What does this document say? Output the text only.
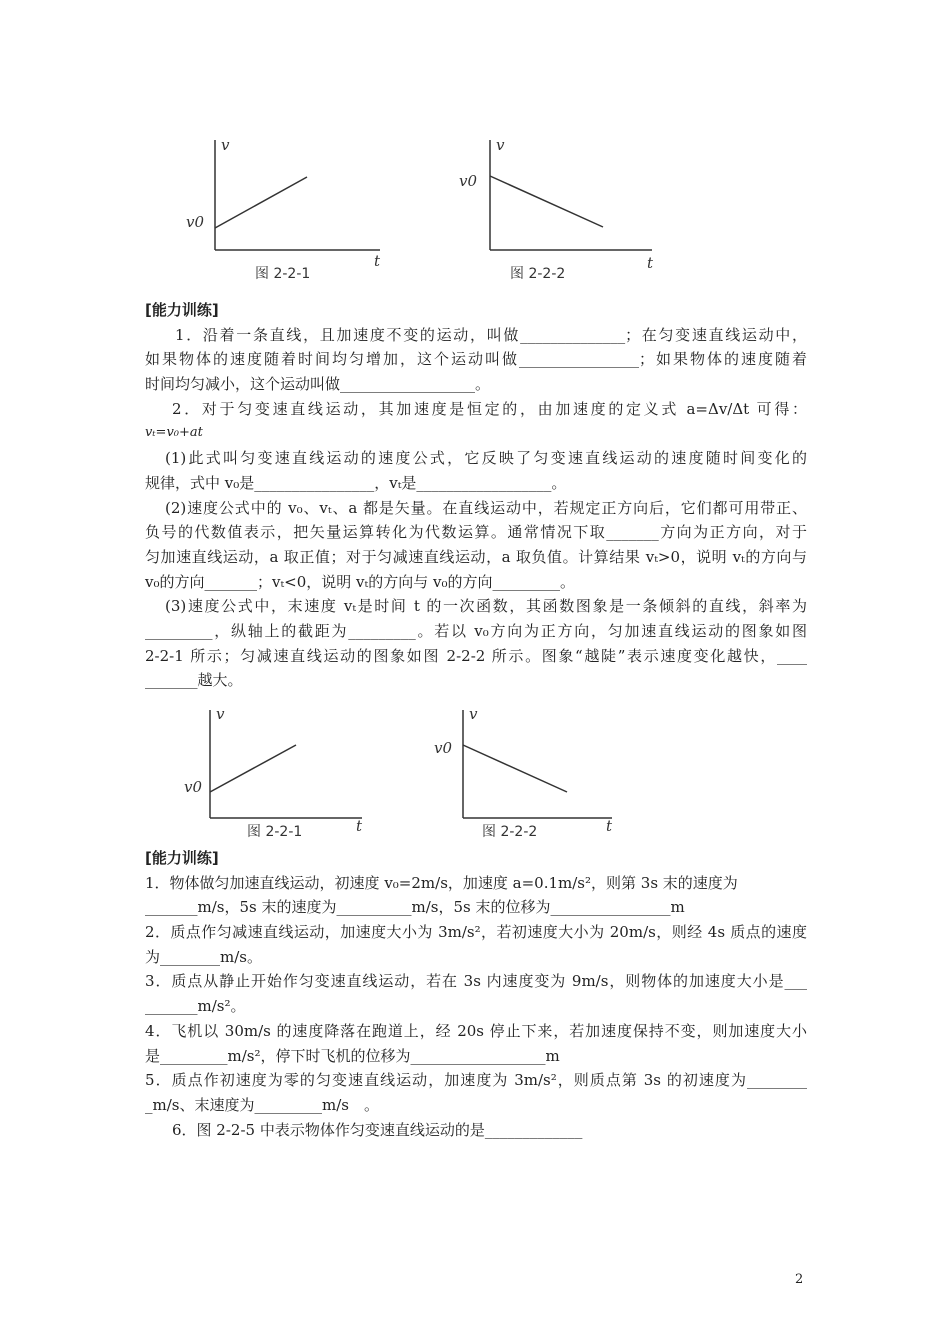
v
t
v0
图 2-2-1
v
t
v0
图 2-2-2
[能力训练]
1．沿着一条直线，且加速度不变的运动，叫做______________；在匀变速直线运动中，
如果物体的速度随着时间均匀增加，这个运动叫做________________；如果物体的速度随着
时间均匀减小，这个运动叫做__________________。
2．对于匀变速直线运动，其加速度是恒定的，由加速度的定义式 a=Δv/Δt 可得：
vₜ=v₀+at
(1)此式叫匀变速直线运动的速度公式，它反映了匀变速直线运动的速度随时间变化的
规律，式中 v₀是________________，vₜ是__________________。
(2)速度公式中的 v₀、vₜ、a 都是矢量。在直线运动中，若规定正方向后，它们都可用带正、
负号的代数值表示，把矢量运算转化为代数运算。通常情况下取_______方向为正方向，对于
匀加速直线运动，a 取正值；对于匀减速直线运动，a 取负值。计算结果 vₜ>0，说明 vₜ的方向与
v₀的方向_______；vₜ<0，说明 vₜ的方向与 v₀的方向_________。
(3)速度公式中，末速度 vₜ是时间 t 的一次函数，其函数图象是一条倾斜的直线，斜率为
_________，纵轴上的截距为_________。若以 v₀方向为正方向，匀加速直线运动的图象如图
2-2-1 所示；匀减速直线运动的图象如图 2-2-2 所示。图象“越陡”表示速度变化越快，____
_______越大。
v
t
v0
图 2-2-1
v
t
v0
图 2-2-2
[能力训练]
1．物体做匀加速直线运动，初速度 v₀=2m/s，加速度 a=0.1m/s²，则第 3s 末的速度为
_______m/s，5s 末的速度为__________m/s，5s 末的位移为________________m
2．质点作匀减速直线运动，加速度大小为 3m/s²，若初速度大小为 20m/s，则经 4s 质点的速度
为________m/s。
3．质点从静止开始作匀变速直线运动，若在 3s 内速度变为 9m/s，则物体的加速度大小是___
_______m/s²。
4．飞机以 30m/s 的速度降落在跑道上，经 20s 停止下来，若加速度保持不变，则加速度大小
是_________m/s²，停下时飞机的位移为__________________m
5．质点作初速度为零的匀变速直线运动，加速度为 3m/s²，则质点第 3s 的初速度为________
_m/s、末速度为_________m/s　。
6．图 2-2-5 中表示物体作匀变速直线运动的是_____________
2
